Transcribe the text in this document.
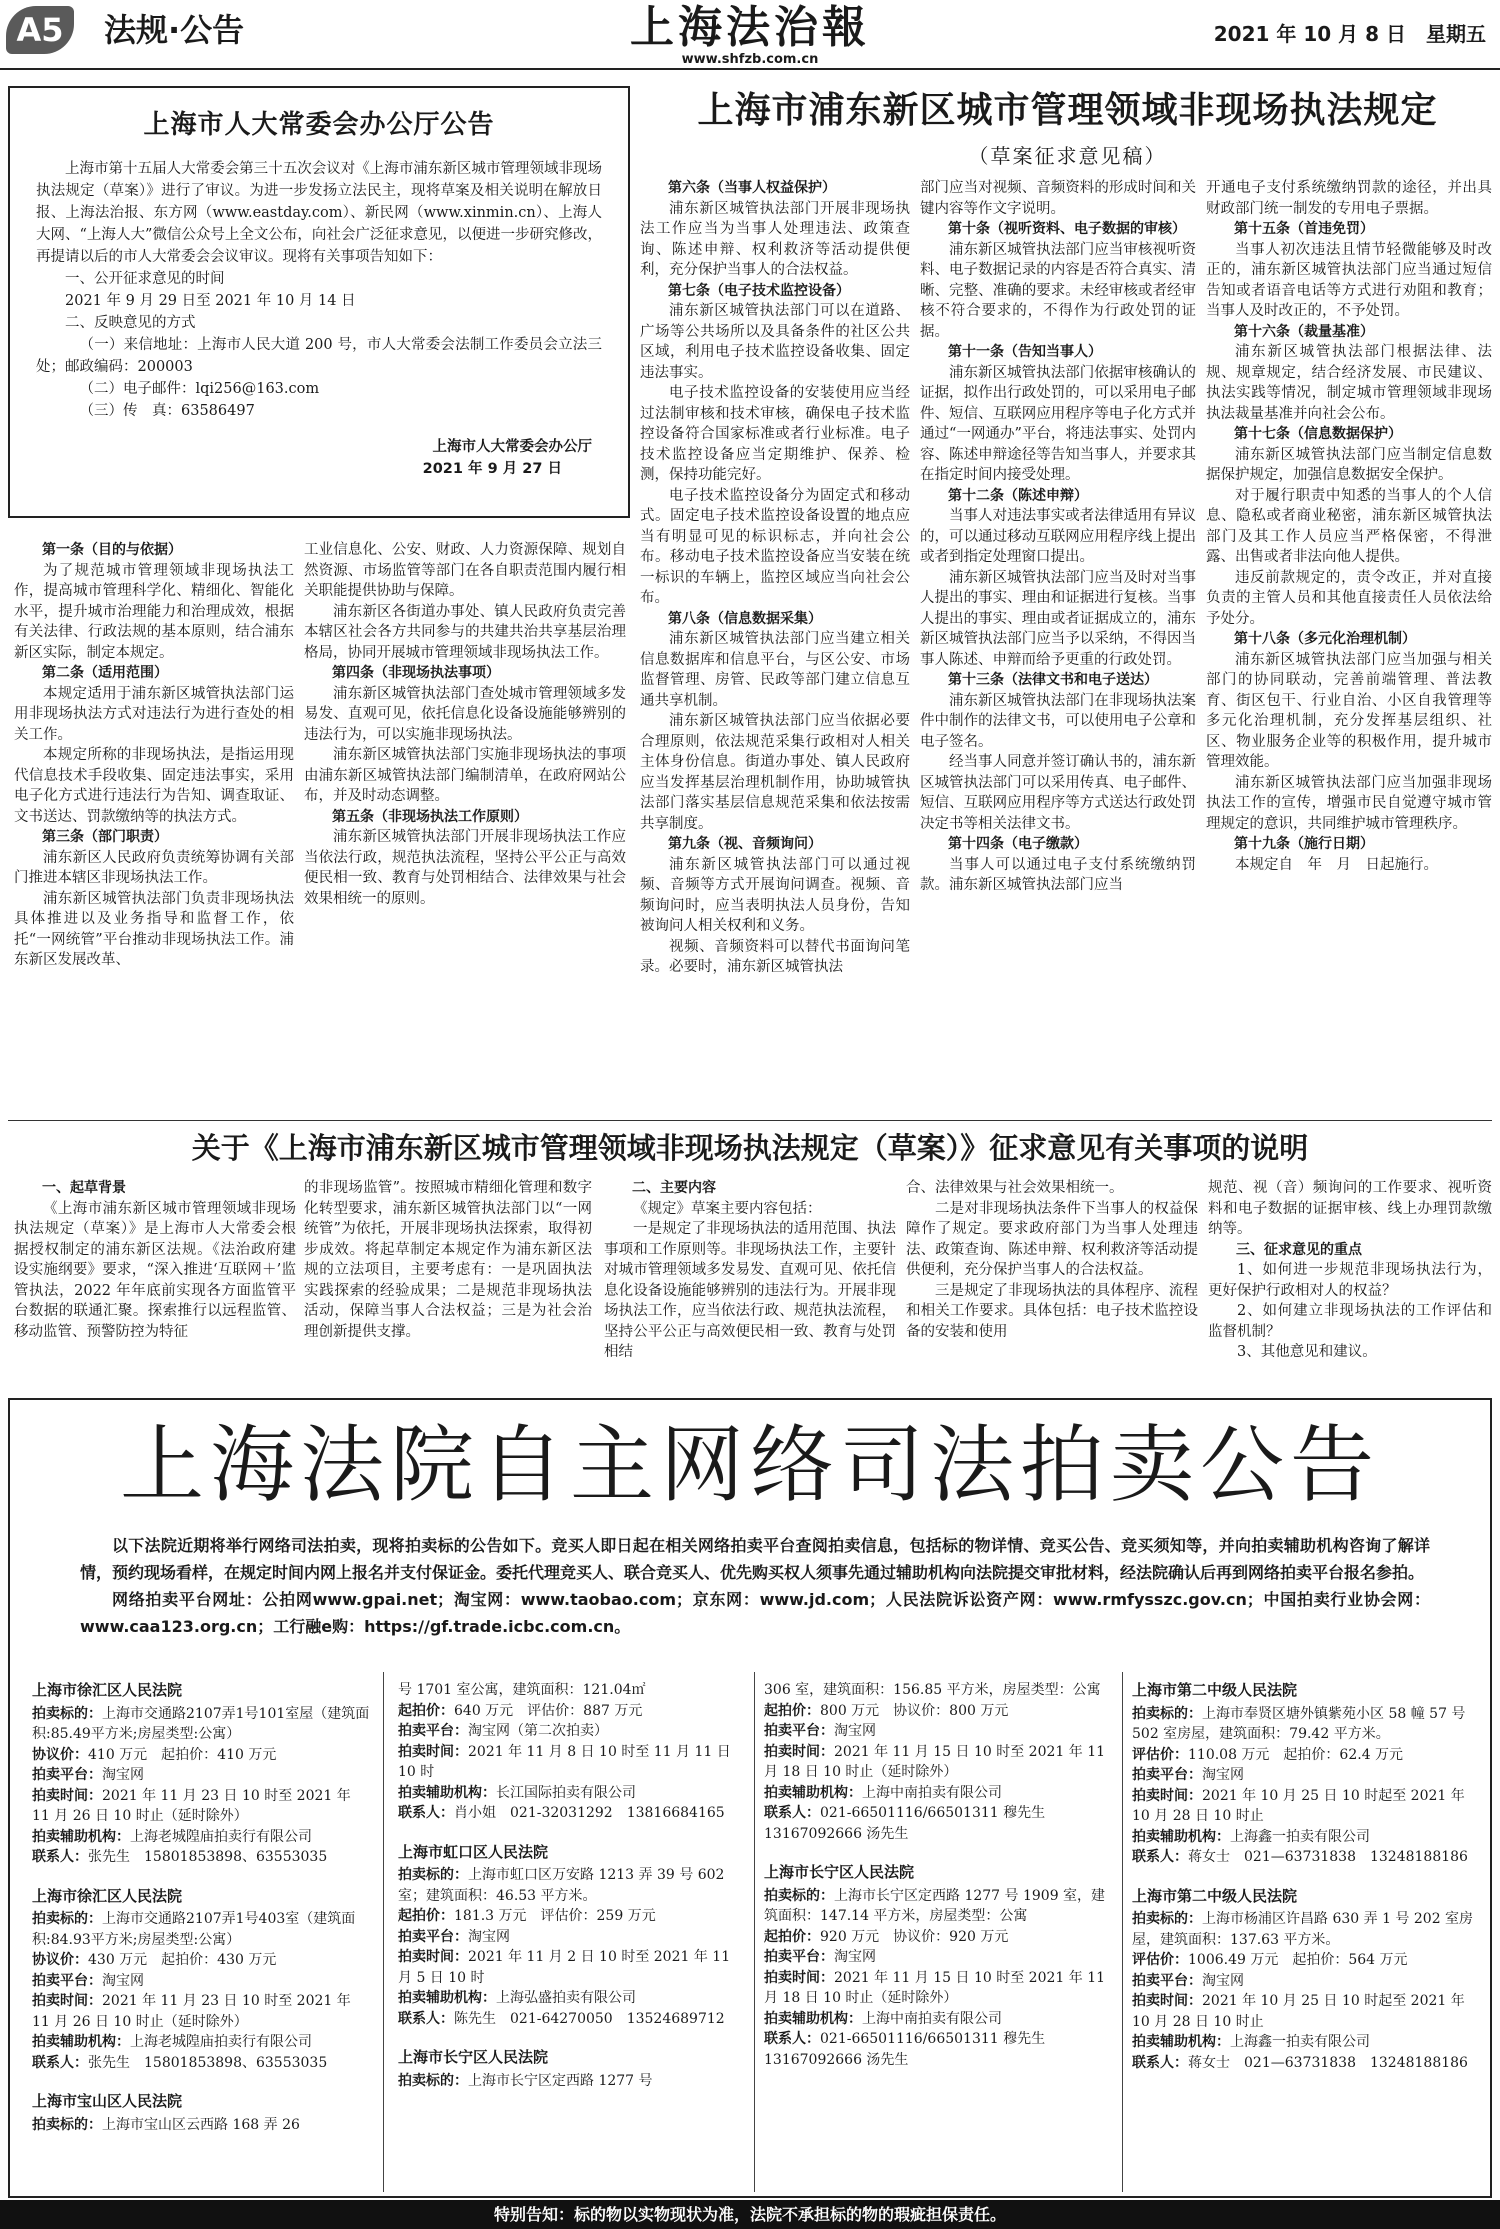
A5	法规·公告	上海法治報
www.shfzb.com.cn
2021 年 10 月 8 日　星期五
上海市人大常委会办公厅公告

上海市第十五届人大常委会第三十五次会议对《上海市浦东新区城市管理领域非现场执法规定（草案）》进行了审议。为进一步发扬立法民主，现将草案及相关说明在解放日报、上海法治报、东方网（www.eastday.com）、新民网（www.xinmin.cn）、上海人大网、“上海人大”微信公众号上全文公布，向社会广泛征求意见，以便进一步研究修改，再提请以后的市人大常委会会议审议。现将有关事项告知如下：

一、公开征求意见的时间

2021 年 9 月 29 日至 2021 年 10 月 14 日

二、反映意见的方式

（一）来信地址：上海市人民大道 200 号，市人大常委会法制工作委员会立法三处；邮政编码：200003

（二）电子邮件：lqi256@163.com

（三）传　真：63586497

上海市人大常委会办公厅

2021 年 9 月 27 日

上海市浦东新区城市管理领域非现场执法规定
（草案征求意见稿）

第六条（当事人权益保护）

浦东新区城管执法部门开展非现场执法工作应当为当事人处理违法、政策查询、陈述申辩、权利救济等活动提供便利，充分保护当事人的合法权益。

第七条（电子技术监控设备）

浦东新区城管执法部门可以在道路、广场等公共场所以及具备条件的社区公共区域，利用电子技术监控设备收集、固定违法事实。

电子技术监控设备的安装使用应当经过法制审核和技术审核，确保电子技术监控设备符合国家标准或者行业标准。电子技术监控设备应当定期维护、保养、检测，保持功能完好。

电子技术监控设备分为固定式和移动式。固定电子技术监控设备设置的地点应当有明显可见的标识标志，并向社会公布。移动电子技术监控设备应当安装在统一标识的车辆上，监控区域应当向社会公布。

第八条（信息数据采集）

浦东新区城管执法部门应当建立相关信息数据库和信息平台，与区公安、市场监督管理、房管、民政等部门建立信息互通共享机制。

浦东新区城管执法部门应当依据必要合理原则，依法规范采集行政相对人相关主体身份信息。街道办事处、镇人民政府应当发挥基层治理机制作用，协助城管执法部门落实基层信息规范采集和依法按需共享制度。

第九条（视、音频询问）

浦东新区城管执法部门可以通过视频、音频等方式开展询问调查。视频、音频询问时，应当表明执法人员身份，告知被询问人相关权利和义务。

视频、音频资料可以替代书面询问笔录。必要时，浦东新区城管执法

部门应当对视频、音频资料的形成时间和关键内容等作文字说明。

第十条（视听资料、电子数据的审核）

浦东新区城管执法部门应当审核视听资料、电子数据记录的内容是否符合真实、清晰、完整、准确的要求。未经审核或者经审核不符合要求的，不得作为行政处罚的证据。

第十一条（告知当事人）

浦东新区城管执法部门依据审核确认的证据，拟作出行政处罚的，可以采用电子邮件、短信、互联网应用程序等电子化方式并通过“一网通办”平台，将违法事实、处罚内容、陈述申辩途径等告知当事人，并要求其在指定时间内接受处理。

第十二条（陈述申辩）

当事人对违法事实或者法律适用有异议的，可以通过移动互联网应用程序线上提出或者到指定处理窗口提出。

浦东新区城管执法部门应当及时对当事人提出的事实、理由和证据进行复核。当事人提出的事实、理由或者证据成立的，浦东新区城管执法部门应当予以采纳，不得因当事人陈述、申辩而给予更重的行政处罚。

第十三条（法律文书和电子送达）

浦东新区城管执法部门在非现场执法案件中制作的法律文书，可以使用电子公章和电子签名。

经当事人同意并签订确认书的，浦东新区城管执法部门可以采用传真、电子邮件、短信、互联网应用程序等方式送达行政处罚决定书等相关法律文书。

第十四条（电子缴款）

当事人可以通过电子支付系统缴纳罚款。浦东新区城管执法部门应当

开通电子支付系统缴纳罚款的途径，并出具财政部门统一制发的专用电子票据。

第十五条（首违免罚）

当事人初次违法且情节轻微能够及时改正的，浦东新区城管执法部门应当通过短信告知或者语音电话等方式进行劝阻和教育；当事人及时改正的，不予处罚。

第十六条（裁量基准）

浦东新区城管执法部门根据法律、法规、规章规定，结合经济发展、市民建议、执法实践等情况，制定城市管理领域非现场执法裁量基准并向社会公布。

第十七条（信息数据保护）

浦东新区城管执法部门应当制定信息数据保护规定，加强信息数据安全保护。

对于履行职责中知悉的当事人的个人信息、隐私或者商业秘密，浦东新区城管执法部门及其工作人员应当严格保密，不得泄露、出售或者非法向他人提供。

违反前款规定的，责令改正，并对直接负责的主管人员和其他直接责任人员依法给予处分。

第十八条（多元化治理机制）

浦东新区城管执法部门应当加强与相关部门的协同联动，完善前端管理、普法教育、街区包干、行业自治、小区自我管理等多元化治理机制，充分发挥基层组织、社区、物业服务企业等的积极作用，提升城市管理效能。

浦东新区城管执法部门应当加强非现场执法工作的宣传，增强市民自觉遵守城市管理规定的意识，共同维护城市管理秩序。

第十九条（施行日期）

本规定自　年　月　日起施行。

第一条（目的与依据）

为了规范城市管理领域非现场执法工作，提高城市管理科学化、精细化、智能化水平，提升城市治理能力和治理成效，根据有关法律、行政法规的基本原则，结合浦东新区实际，制定本规定。

第二条（适用范围）

本规定适用于浦东新区城管执法部门运用非现场执法方式对违法行为进行查处的相关工作。

本规定所称的非现场执法，是指运用现代信息技术手段收集、固定违法事实，采用电子化方式进行违法行为告知、调查取证、文书送达、罚款缴纳等的执法方式。

第三条（部门职责）

浦东新区人民政府负责统筹协调有关部门推进本辖区非现场执法工作。

浦东新区城管执法部门负责非现场执法具体推进以及业务指导和监督工作，依托“一网统管”平台推动非现场执法工作。浦东新区发展改革、

工业信息化、公安、财政、人力资源保障、规划自然资源、市场监管等部门在各自职责范围内履行相关职能提供协助与保障。

浦东新区各街道办事处、镇人民政府负责完善本辖区社会各方共同参与的共建共治共享基层治理格局，协同开展城市管理领域非现场执法工作。

第四条（非现场执法事项）

浦东新区城管执法部门查处城市管理领域多发易发、直观可见，依托信息化设备设施能够辨别的违法行为，可以实施非现场执法。

浦东新区城管执法部门实施非现场执法的事项由浦东新区城管执法部门编制清单，在政府网站公布，并及时动态调整。

第五条（非现场执法工作原则）

浦东新区城管执法部门开展非现场执法工作应当依法行政，规范执法流程，坚持公平公正与高效便民相一致、教育与处罚相结合、法律效果与社会效果相统一的原则。

关于《上海市浦东新区城市管理领域非现场执法规定（草案）》征求意见有关事项的说明

一、起草背景

《上海市浦东新区城市管理领域非现场执法规定（草案）》是上海市人大常委会根据授权制定的浦东新区法规。《法治政府建设实施纲要》要求，“深入推进‘互联网＋’监管执法，2022 年年底前实现各方面监管平台数据的联通汇聚。探索推行以远程监管、移动监管、预警防控为特征

的非现场监管”。按照城市精细化管理和数字化转型要求，浦东新区城管执法部门以“一网统管”为依托，开展非现场执法探索，取得初步成效。将起草制定本规定作为浦东新区法规的立法项目，主要考虑有：一是巩固执法实践探索的经验成果；二是规范非现场执法活动，保障当事人合法权益；三是为社会治理创新提供支撑。

二、主要内容

《规定》草案主要内容包括：

一是规定了非现场执法的适用范围、执法事项和工作原则等。非现场执法工作，主要针对城市管理领域多发易发、直观可见、依托信息化设备设施能够辨别的违法行为。开展非现场执法工作，应当依法行政、规范执法流程，坚持公平公正与高效便民相一致、教育与处罚相结

合、法律效果与社会效果相统一。

二是对非现场执法条件下当事人的权益保障作了规定。要求政府部门为当事人处理违法、政策查询、陈述申辩、权利救济等活动提供便利，充分保护当事人的合法权益。

三是规定了非现场执法的具体程序、流程和相关工作要求。具体包括：电子技术监控设备的安装和使用

规范、视（音）频询问的工作要求、视听资料和电子数据的证据审核、线上办理罚款缴纳等。

三、征求意见的重点

1、如何进一步规范非现场执法行为，更好保护行政相对人的权益？

2、如何建立非现场执法的工作评估和监督机制？

3、其他意见和建议。

上海法院自主网络司法拍卖公告

以下法院近期将举行网络司法拍卖，现将拍卖标的公告如下。竞买人即日起在相关网络拍卖平台查阅拍卖信息，包括标的物详情、竞买公告、竞买须知等，并向拍卖辅助机构咨询了解详情，预约现场看样，在规定时间内网上报名并支付保证金。委托代理竞买人、联合竞买人、优先购买权人须事先通过辅助机构向法院提交审批材料，经法院确认后再到网络拍卖平台报名参拍。

网络拍卖平台网址：公拍网www.gpai.net；淘宝网：www.taobao.com；京东网：www.jd.com；人民法院诉讼资产网：www.rmfysszc.gov.cn；中国拍卖行业协会网：www.caa123.org.cn；工行融e购：https://gf.trade.icbc.com.cn。

上海市徐汇区人民法院
拍卖标的：上海市交通路2107弄1号101室屋（建筑面积:85.49平方米;房屋类型:公寓）
协议价：410 万元　起拍价：410 万元
拍卖平台：淘宝网
拍卖时间：2021 年 11 月 23 日 10 时至 2021 年 11 月 26 日 10 时止（延时除外）
拍卖辅助机构：上海老城隍庙拍卖行有限公司
联系人：张先生　15801853898、63553035
上海市徐汇区人民法院
拍卖标的：上海市交通路2107弄1号403室（建筑面积:84.93平方米;房屋类型:公寓）
协议价：430 万元　起拍价：430 万元
拍卖平台：淘宝网
拍卖时间：2021 年 11 月 23 日 10 时至 2021 年 11 月 26 日 10 时止（延时除外）
拍卖辅助机构：上海老城隍庙拍卖行有限公司
联系人：张先生　15801853898、63553035
上海市宝山区人民法院
拍卖标的：上海市宝山区云西路 168 弄 26
号 1701 室公寓，建筑面积：121.04㎡
起拍价：640 万元　评估价：887 万元
拍卖平台：淘宝网（第二次拍卖）
拍卖时间：2021 年 11 月 8 日 10 时至 11 月 11 日 10 时
拍卖辅助机构：长江国际拍卖有限公司
联系人：肖小姐　021-32031292　13816684165
上海市虹口区人民法院
拍卖标的：上海市虹口区万安路 1213 弄 39 号 602 室；建筑面积：46.53 平方米。
起拍价：181.3 万元　评估价：259 万元
拍卖平台：淘宝网
拍卖时间：2021 年 11 月 2 日 10 时至 2021 年 11 月 5 日 10 时
拍卖辅助机构：上海弘盛拍卖有限公司
联系人：陈先生　021-64270050　13524689712
上海市长宁区人民法院
拍卖标的：上海市长宁区定西路 1277 号
306 室，建筑面积：156.85 平方米，房屋类型：公寓
起拍价：800 万元　协议价：800 万元
拍卖平台：淘宝网
拍卖时间：2021 年 11 月 15 日 10 时至 2021 年 11 月 18 日 10 时止（延时除外）
拍卖辅助机构：上海中南拍卖有限公司
联系人：021-66501116/66501311 穆先生　13167092666 汤先生
上海市长宁区人民法院
拍卖标的：上海市长宁区定西路 1277 号 1909 室，建筑面积：147.14 平方米，房屋类型：公寓
起拍价：920 万元　协议价：920 万元
拍卖平台：淘宝网
拍卖时间：2021 年 11 月 15 日 10 时至 2021 年 11 月 18 日 10 时止（延时除外）
拍卖辅助机构：上海中南拍卖有限公司
联系人：021-66501116/66501311 穆先生　13167092666 汤先生
上海市第二中级人民法院
拍卖标的：上海市奉贤区塘外镇紫苑小区 58 幢 57 号 502 室房屋，建筑面积：79.42 平方米。
评估价：110.08 万元　起拍价：62.4 万元
拍卖平台：淘宝网
拍卖时间：2021 年 10 月 25 日 10 时起至 2021 年 10 月 28 日 10 时止
拍卖辅助机构：上海鑫一拍卖有限公司
联系人：蒋女士　021—63731838　13248188186
上海市第二中级人民法院
拍卖标的：上海市杨浦区许昌路 630 弄 1 号 202 室房屋，建筑面积：137.63 平方米。
评估价：1006.49 万元　起拍价：564 万元
拍卖平台：淘宝网
拍卖时间：2021 年 10 月 25 日 10 时起至 2021 年 10 月 28 日 10 时止
拍卖辅助机构：上海鑫一拍卖有限公司
联系人：蒋女士　021—63731838　13248188186
特别告知：标的物以实物现状为准，法院不承担标的物的瑕疵担保责任。
